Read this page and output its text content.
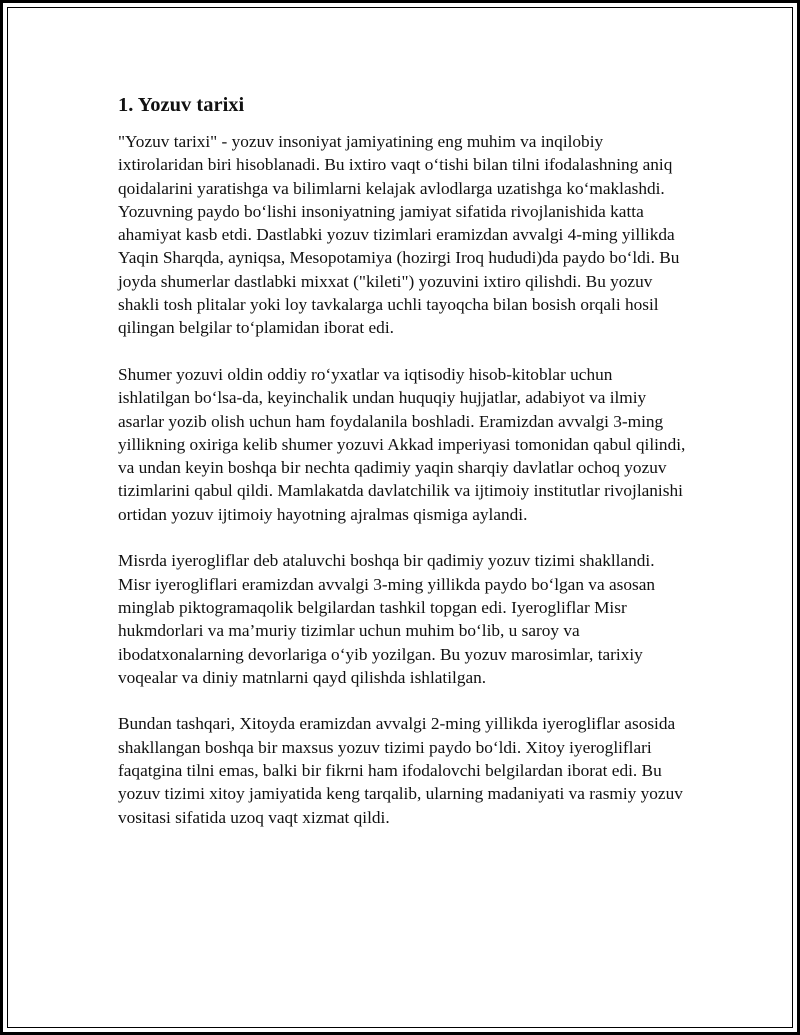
1. Yozuv tarixi

"Yozuv tarixi" - yozuv insoniyat jamiyatining eng muhim va inqilobiy ixtirolaridan biri hisoblanadi. Bu ixtiro vaqt o‘tishi bilan tilni ifodalashning aniq qoidalarini yaratishga va bilimlarni kelajak avlodlarga uzatishga ko‘maklashdi. Yozuvning paydo bo‘lishi insoniyatning jamiyat sifatida rivojlanishida katta ahamiyat kasb etdi. Dastlabki yozuv tizimlari eramizdan avvalgi 4-ming yillikda Yaqin Sharqda, ayniqsa, Mesopotamiya (hozirgi Iroq hududi)da paydo bo‘ldi. Bu joyda shumerlar dastlabki mixxat ("kileti") yozuvini ixtiro qilishdi. Bu yozuv shakli tosh plitalar yoki loy tavkalarga uchli tayoqcha bilan bosish orqali hosil qilingan belgilar to‘plamidan iborat edi.

Shumer yozuvi oldin oddiy ro‘yxatlar va iqtisodiy hisob-kitoblar uchun ishlatilgan bo‘lsa-da, keyinchalik undan huquqiy hujjatlar, adabiyot va ilmiy asarlar yozib olish uchun ham foydalanila boshladi. Eramizdan avvalgi 3-ming yillikning oxiriga kelib shumer yozuvi Akkad imperiyasi tomonidan qabul qilindi, va undan keyin boshqa bir nechta qadimiy yaqin sharqiy davlatlar ochoq yozuv tizimlarini qabul qildi. Mamlakatda davlatchilik va ijtimoiy institutlar rivojlanishi ortidan yozuv ijtimoiy hayotning ajralmas qismiga aylandi.

Misrda iyerogliflar deb ataluvchi boshqa bir qadimiy yozuv tizimi shakllandi. Misr iyerogliflari eramizdan avvalgi 3-ming yillikda paydo bo‘lgan va asosan minglab piktogramaqolik belgilardan tashkil topgan edi. Iyerogliflar Misr hukmdorlari va ma’muriy tizimlar uchun muhim bo‘lib, u saroy va ibodatxonalarning devorlariga o‘yib yozilgan. Bu yozuv marosimlar, tarixiy voqealar va diniy matnlarni qayd qilishda ishlatilgan.

Bundan tashqari, Xitoyda eramizdan avvalgi 2-ming yillikda iyerogliflar asosida shakllangan boshqa bir maxsus yozuv tizimi paydo bo‘ldi. Xitoy iyerogliflari faqatgina tilni emas, balki bir fikrni ham ifodalovchi belgilardan iborat edi. Bu yozuv tizimi xitoy jamiyatida keng tarqalib, ularning madaniyati va rasmiy yozuv vositasi sifatida uzoq vaqt xizmat qildi.
